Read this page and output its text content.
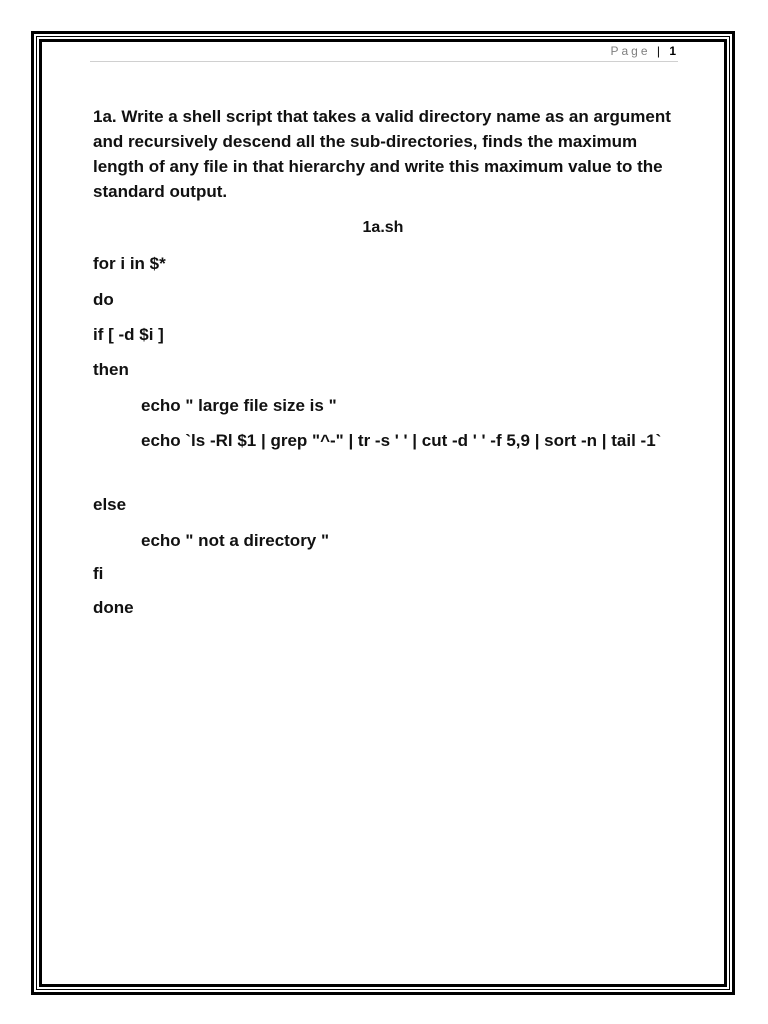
Page | 1

1a. Write a shell script that takes a valid directory name as an argument and recursively descend all the sub-directories, finds the maximum length of any file in that hierarchy and write this maximum value to the standard output.

1a.sh
for i in $*
do
if [ -d $i ]
then
echo " large file size is "
echo `ls -Rl $1 | grep "^-" | tr -s ' ' | cut -d ' ' -f 5,9 | sort -n | tail -1`
else
echo " not a directory "
fi
done
